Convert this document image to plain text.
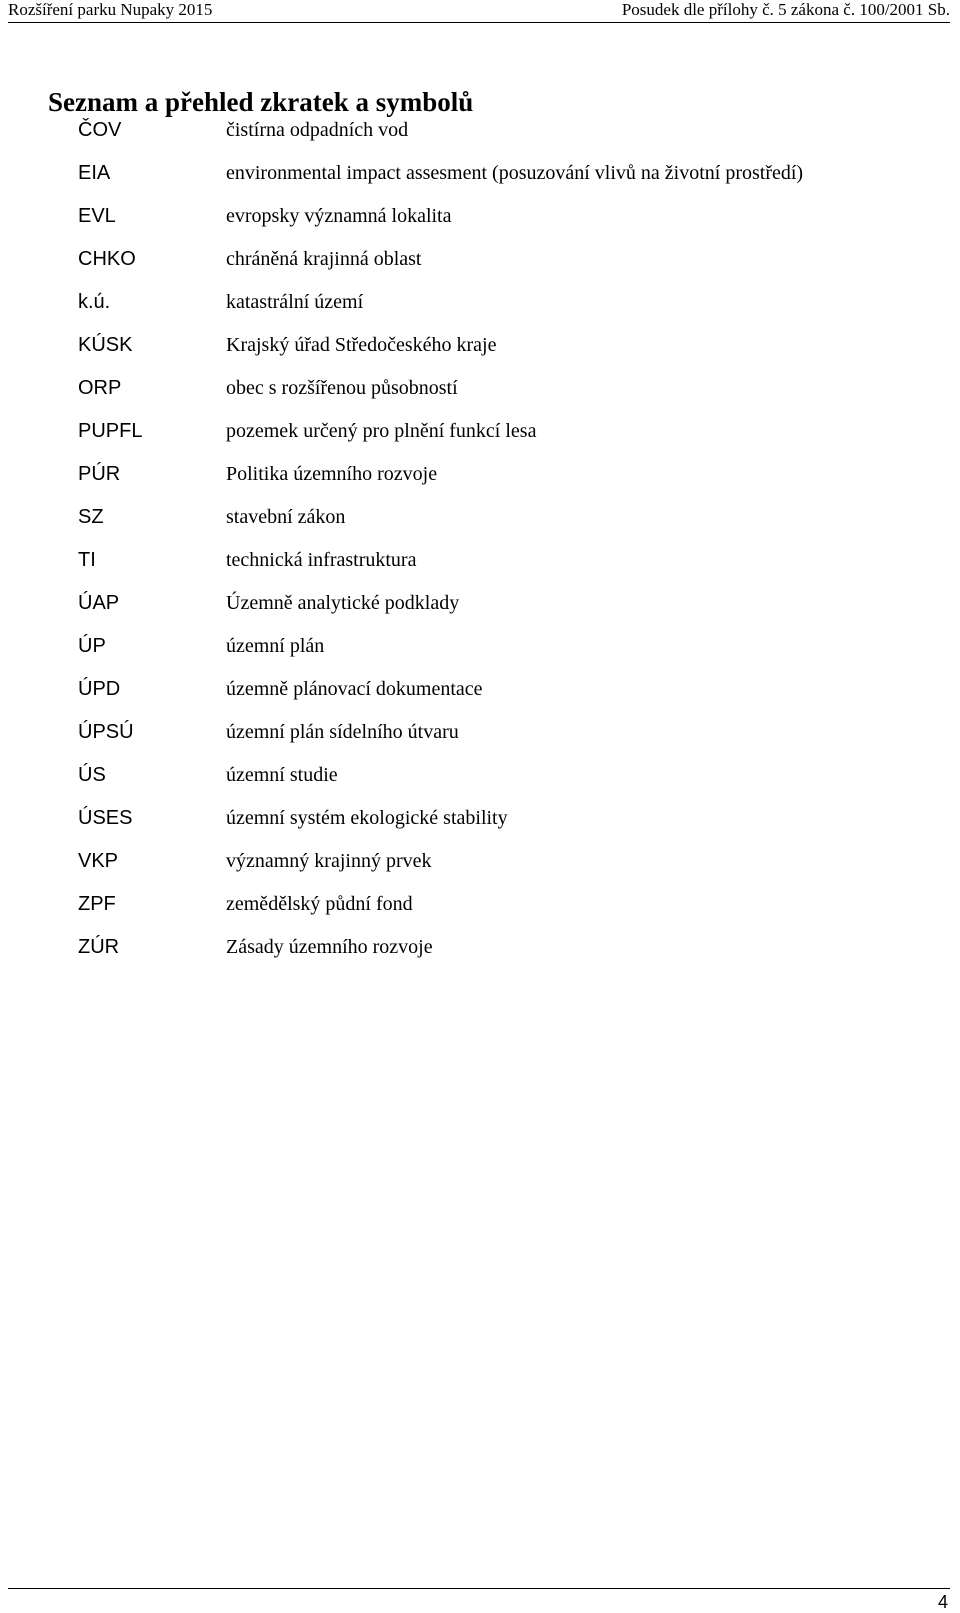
Rozšíření parku Nupaky 2015	Posudek dle přílohy č. 5 zákona č. 100/2001 Sb.
Seznam a přehled zkratek a symbolů
ČOV	čistírna odpadních vod
EIA	environmental impact assesment (posuzování vlivů na životní prostředí)
EVL	evropsky významná lokalita
CHKO	chráněná krajinná oblast
k.ú.	katastrální území
KÚSK	Krajský úřad Středočeského kraje
ORP	obec s rozšířenou působností
PUPFL	pozemek určený pro plnění funkcí lesa
PÚR	Politika územního rozvoje
SZ	stavební zákon
TI	technická infrastruktura
ÚAP	Územně analytické podklady
ÚP	územní plán
ÚPD	územně plánovací dokumentace
ÚPSÚ	územní plán sídelního útvaru
ÚS	územní studie
ÚSES	územní systém ekologické stability
VKP	významný krajinný prvek
ZPF	zemědělský půdní fond
ZÚR	Zásady územního rozvoje
4
